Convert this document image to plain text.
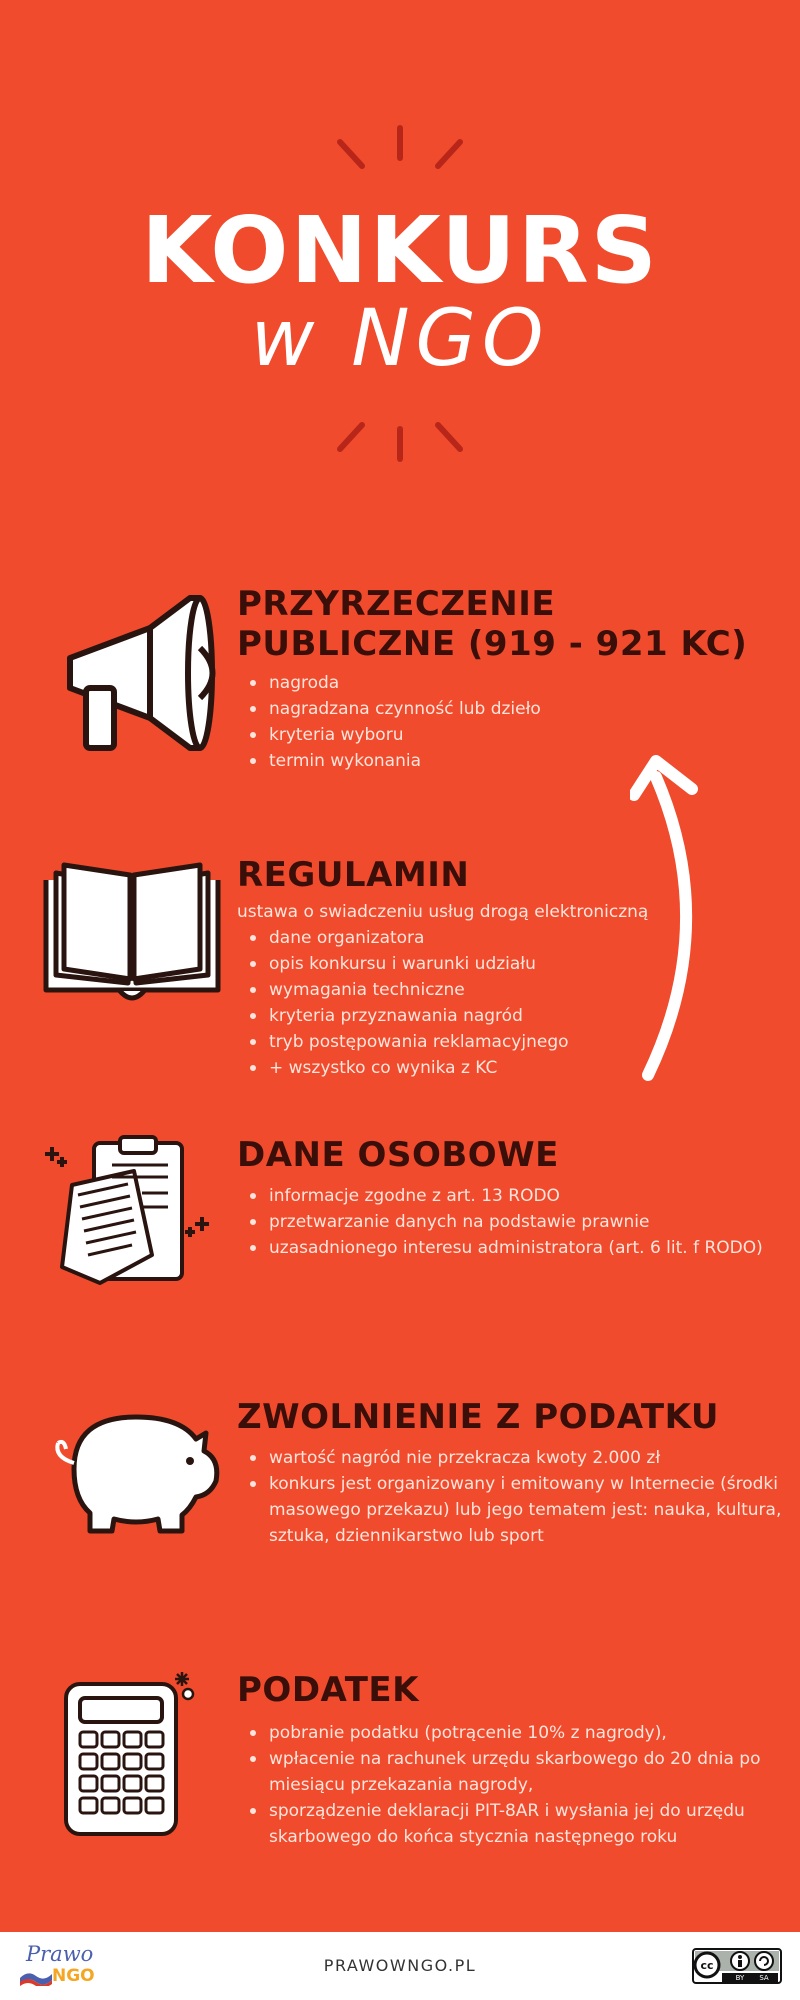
KONKURS
w NGO
PRZYRZECZENIE
PUBLICZNE (919 - 921 KC)
nagroda
nagradzana czynność lub dzieło
kryteria wyboru
termin wykonania
REGULAMIN
ustawa o swiadczeniu usług drogą elektroniczną
dane organizatora
opis konkursu i warunki udziału
wymagania techniczne
kryteria przyznawania nagród
tryb postępowania reklamacyjnego
+ wszystko co wynika z KC
DANE OSOBOWE
informacje zgodne z art. 13 RODO
przetwarzanie danych na podstawie prawnie
uzasadnionego interesu administratora (art. 6 lit. f RODO)
ZWOLNIENIE Z PODATKU
wartość nagród nie przekracza kwoty 2.000 zł
konkurs jest organizowany i emitowany w Internecie (środki masowego przekazu) lub jego tematem jest: nauka, kultura, sztuka, dziennikarstwo lub sport
PODATEK
pobranie podatku (potrącenie 10% z nagrody),
wpłacenie na rachunek urzędu skarbowego do 20 dnia po miesiącu przekazania nagrody,
sporządzenie deklaracji PIT-8AR i wysłania jej do urzędu skarbowego do końca stycznia następnego roku
Prawo
NGO
PRAWOWNGO.PL	cc
BY SA
